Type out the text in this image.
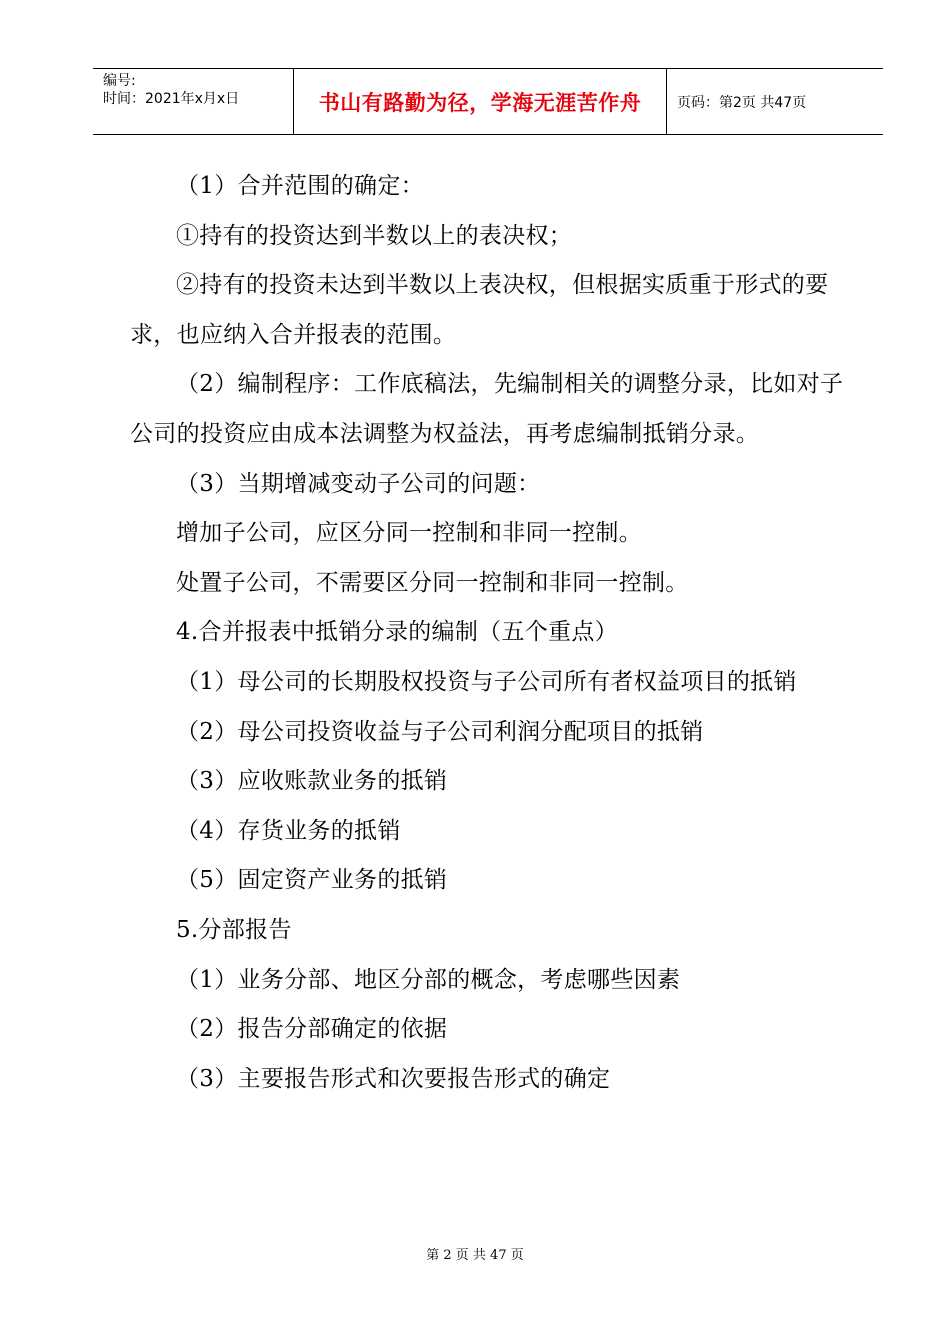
编号:
时间：2021年x月x日	书山有路勤为径，学海无涯苦作舟	页码：第2页 共47页

（1）合并范围的确定：

①持有的投资达到半数以上的表决权；

②持有的投资未达到半数以上表决权，但根据实质重于形式的要求，也应纳入合并报表的范围。

（2）编制程序：工作底稿法，先编制相关的调整分录，比如对子公司的投资应由成本法调整为权益法，再考虑编制抵销分录。

（3）当期增减变动子公司的问题：

增加子公司，应区分同一控制和非同一控制。

处置子公司，不需要区分同一控制和非同一控制。

4.合并报表中抵销分录的编制（五个重点）

（1）母公司的长期股权投资与子公司所有者权益项目的抵销

（2）母公司投资收益与子公司利润分配项目的抵销

（3）应收账款业务的抵销

（4）存货业务的抵销

（5）固定资产业务的抵销

5.分部报告

（1）业务分部、地区分部的概念，考虑哪些因素

（2）报告分部确定的依据

（3）主要报告形式和次要报告形式的确定

第 2 页 共 47 页
